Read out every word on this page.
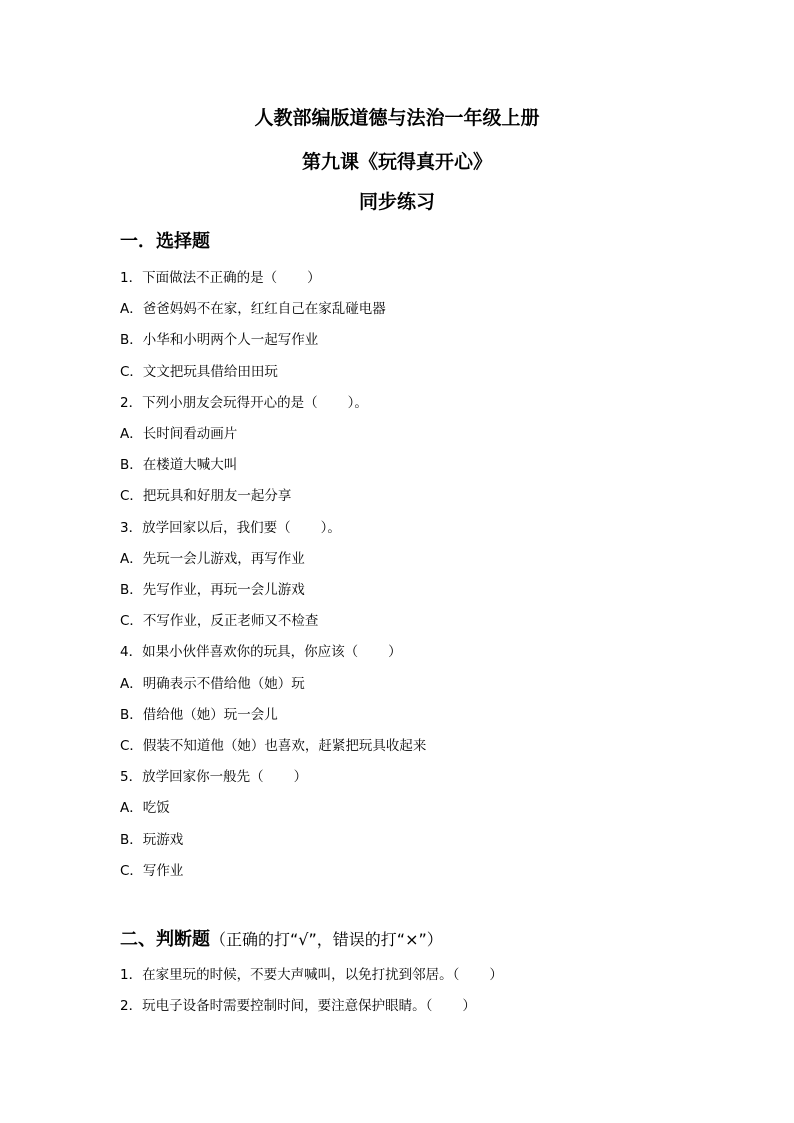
人教部编版道德与法治一年级上册
第九课《玩得真开心》
同步练习
一．选择题

1．下面做法不正确的是（ ）

A．爸爸妈妈不在家，红红自己在家乱碰电器

B．小华和小明两个人一起写作业

C．文文把玩具借给田田玩

2．下列小朋友会玩得开心的是（ ）。

A．长时间看动画片

B．在楼道大喊大叫

C．把玩具和好朋友一起分享

3．放学回家以后，我们要（ ）。

A．先玩一会儿游戏，再写作业

B．先写作业，再玩一会儿游戏

C．不写作业，反正老师又不检查

4．如果小伙伴喜欢你的玩具，你应该（ ）

A．明确表示不借给他（她）玩

B．借给他（她）玩一会儿

C．假装不知道他（她）也喜欢，赶紧把玩具收起来

5．放学回家你一般先（ ）

A．吃饭

B．玩游戏

C．写作业

二、判断题（正确的打“√”，错误的打“×”）

1．在家里玩的时候，不要大声喊叫，以免打扰到邻居。（ ）

2．玩电子设备时需要控制时间，要注意保护眼睛。（ ）
